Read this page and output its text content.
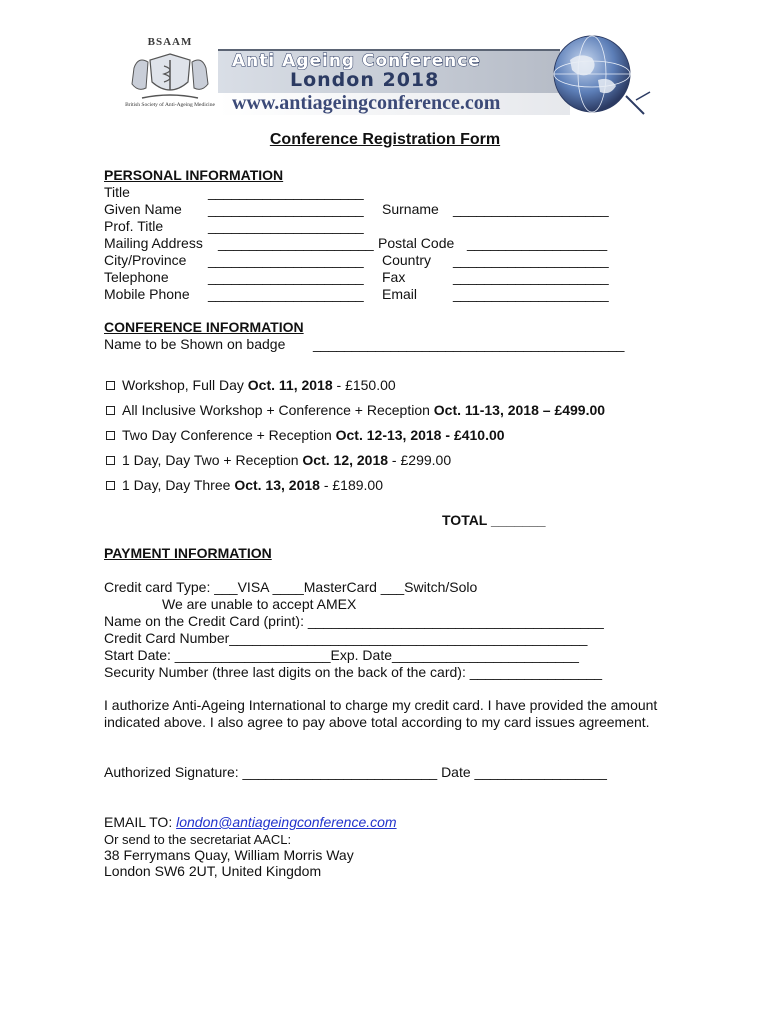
BSAAM
British Society of Anti-Ageing Medicine
Anti Ageing Conference
London 2018
www.antiageingconference.com
Conference Registration Form
PERSONAL INFORMATION
Title	____________________
Given Name ____________________ Surname ____________________
Prof. Title	____________________
Mailing Address ____________________ Postal Code __________________
City/Province ____________________ Country ____________________
Telephone	____________________ Fax	____________________
Mobile Phone ____________________ Email	____________________
CONFERENCE INFORMATION
Name to be Shown on badge ________________________________________
Workshop, Full Day Oct. 11, 2018 - £150.00
All Inclusive Workshop + Conference + Reception Oct. 11-13, 2018 – £499.00
Two Day Conference + Reception Oct. 12-13, 2018 - £410.00
1 Day, Day Two + Reception Oct. 12, 2018 - £299.00
1 Day, Day Three Oct. 13, 2018 - £189.00
TOTAL _______
PAYMENT INFORMATION
Credit card Type: ___VISA ____MasterCard ___Switch/Solo
We are unable to accept AMEX
Name on the Credit Card (print): ______________________________________
Credit Card Number______________________________________________
Start Date: ____________________Exp. Date________________________
Security Number (three last digits on the back of the card): _________________
I authorize Anti-Ageing International to charge my credit card. I have provided the amount indicated above. I also agree to pay above total according to my card issues agreement.
Authorized Signature: _________________________ Date _________________
EMAIL TO: london@antiageingconference.com
Or send to the secretariat AACL:
38 Ferrymans Quay, William Morris Way
London SW6 2UT, United Kingdom
